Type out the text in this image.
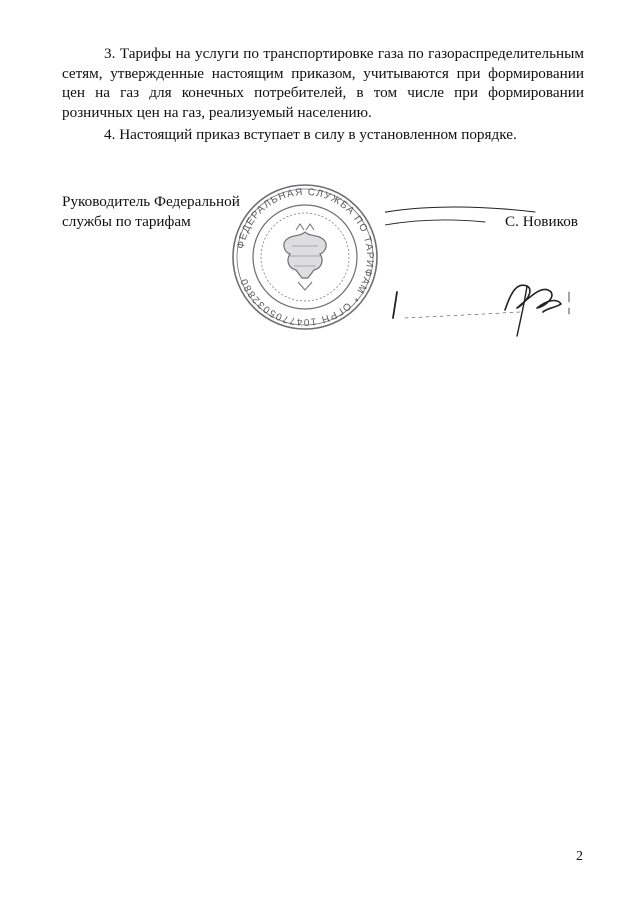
3. Тарифы на услуги по транспортировке газа по газораспределительным сетям, утвержденные настоящим приказом, учитываются при формировании цен на газ для конечных потребителей, в том числе при формировании розничных цен на газ, реализуемый населению.

4. Настоящий приказ вступает в силу в установленном порядке.

Руководитель Федеральной
службы по тарифам
ФЕДЕРАЛЬНАЯ СЛУЖБА ПО ТАРИФАМ * ОГРН 1047705032880
С. Новиков
2
